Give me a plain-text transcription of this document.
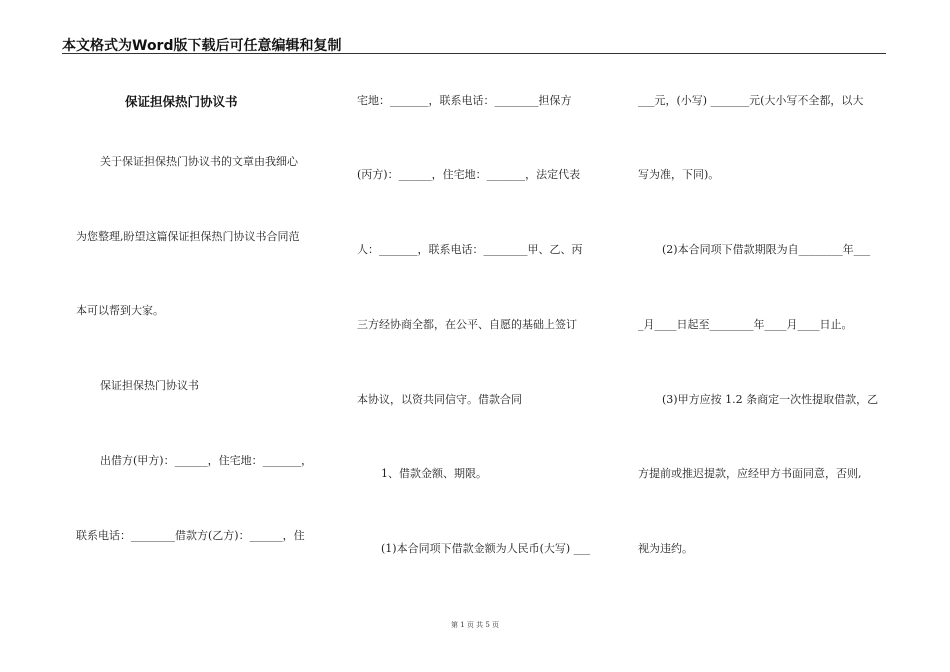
本文格式为Word版下载后可任意编辑和复制
保证担保热门协议书
关于保证担保热门协议书的文章由我细心
为您整理,盼望这篇保证担保热门协议书合同范
本可以帮到大家。
保证担保热门协议书
出借方(甲方)：______，住宅地：_______，
联系电话：________借款方(乙方)：______，住
宅地：_______，联系电话：________担保方
(丙方)：______，住宅地：_______，法定代表
人：_______，联系电话：________甲、乙、丙
三方经协商全都，在公平、自愿的基础上签订
本协议，以资共同信守。借款合同
1、借款金额、期限。
(1)本合同项下借款金额为人民币(大写) ___
___元，(小写) _______元(大小写不全都，以大
写为准，下同)。
(2)本合同项下借款期限为自________年___
_月____日起至________年____月____日止。
(3)甲方应按 1.2 条商定一次性提取借款，乙
方提前或推迟提款，应经甲方书面同意，否则,
视为违约。
第 1 页 共 5 页
